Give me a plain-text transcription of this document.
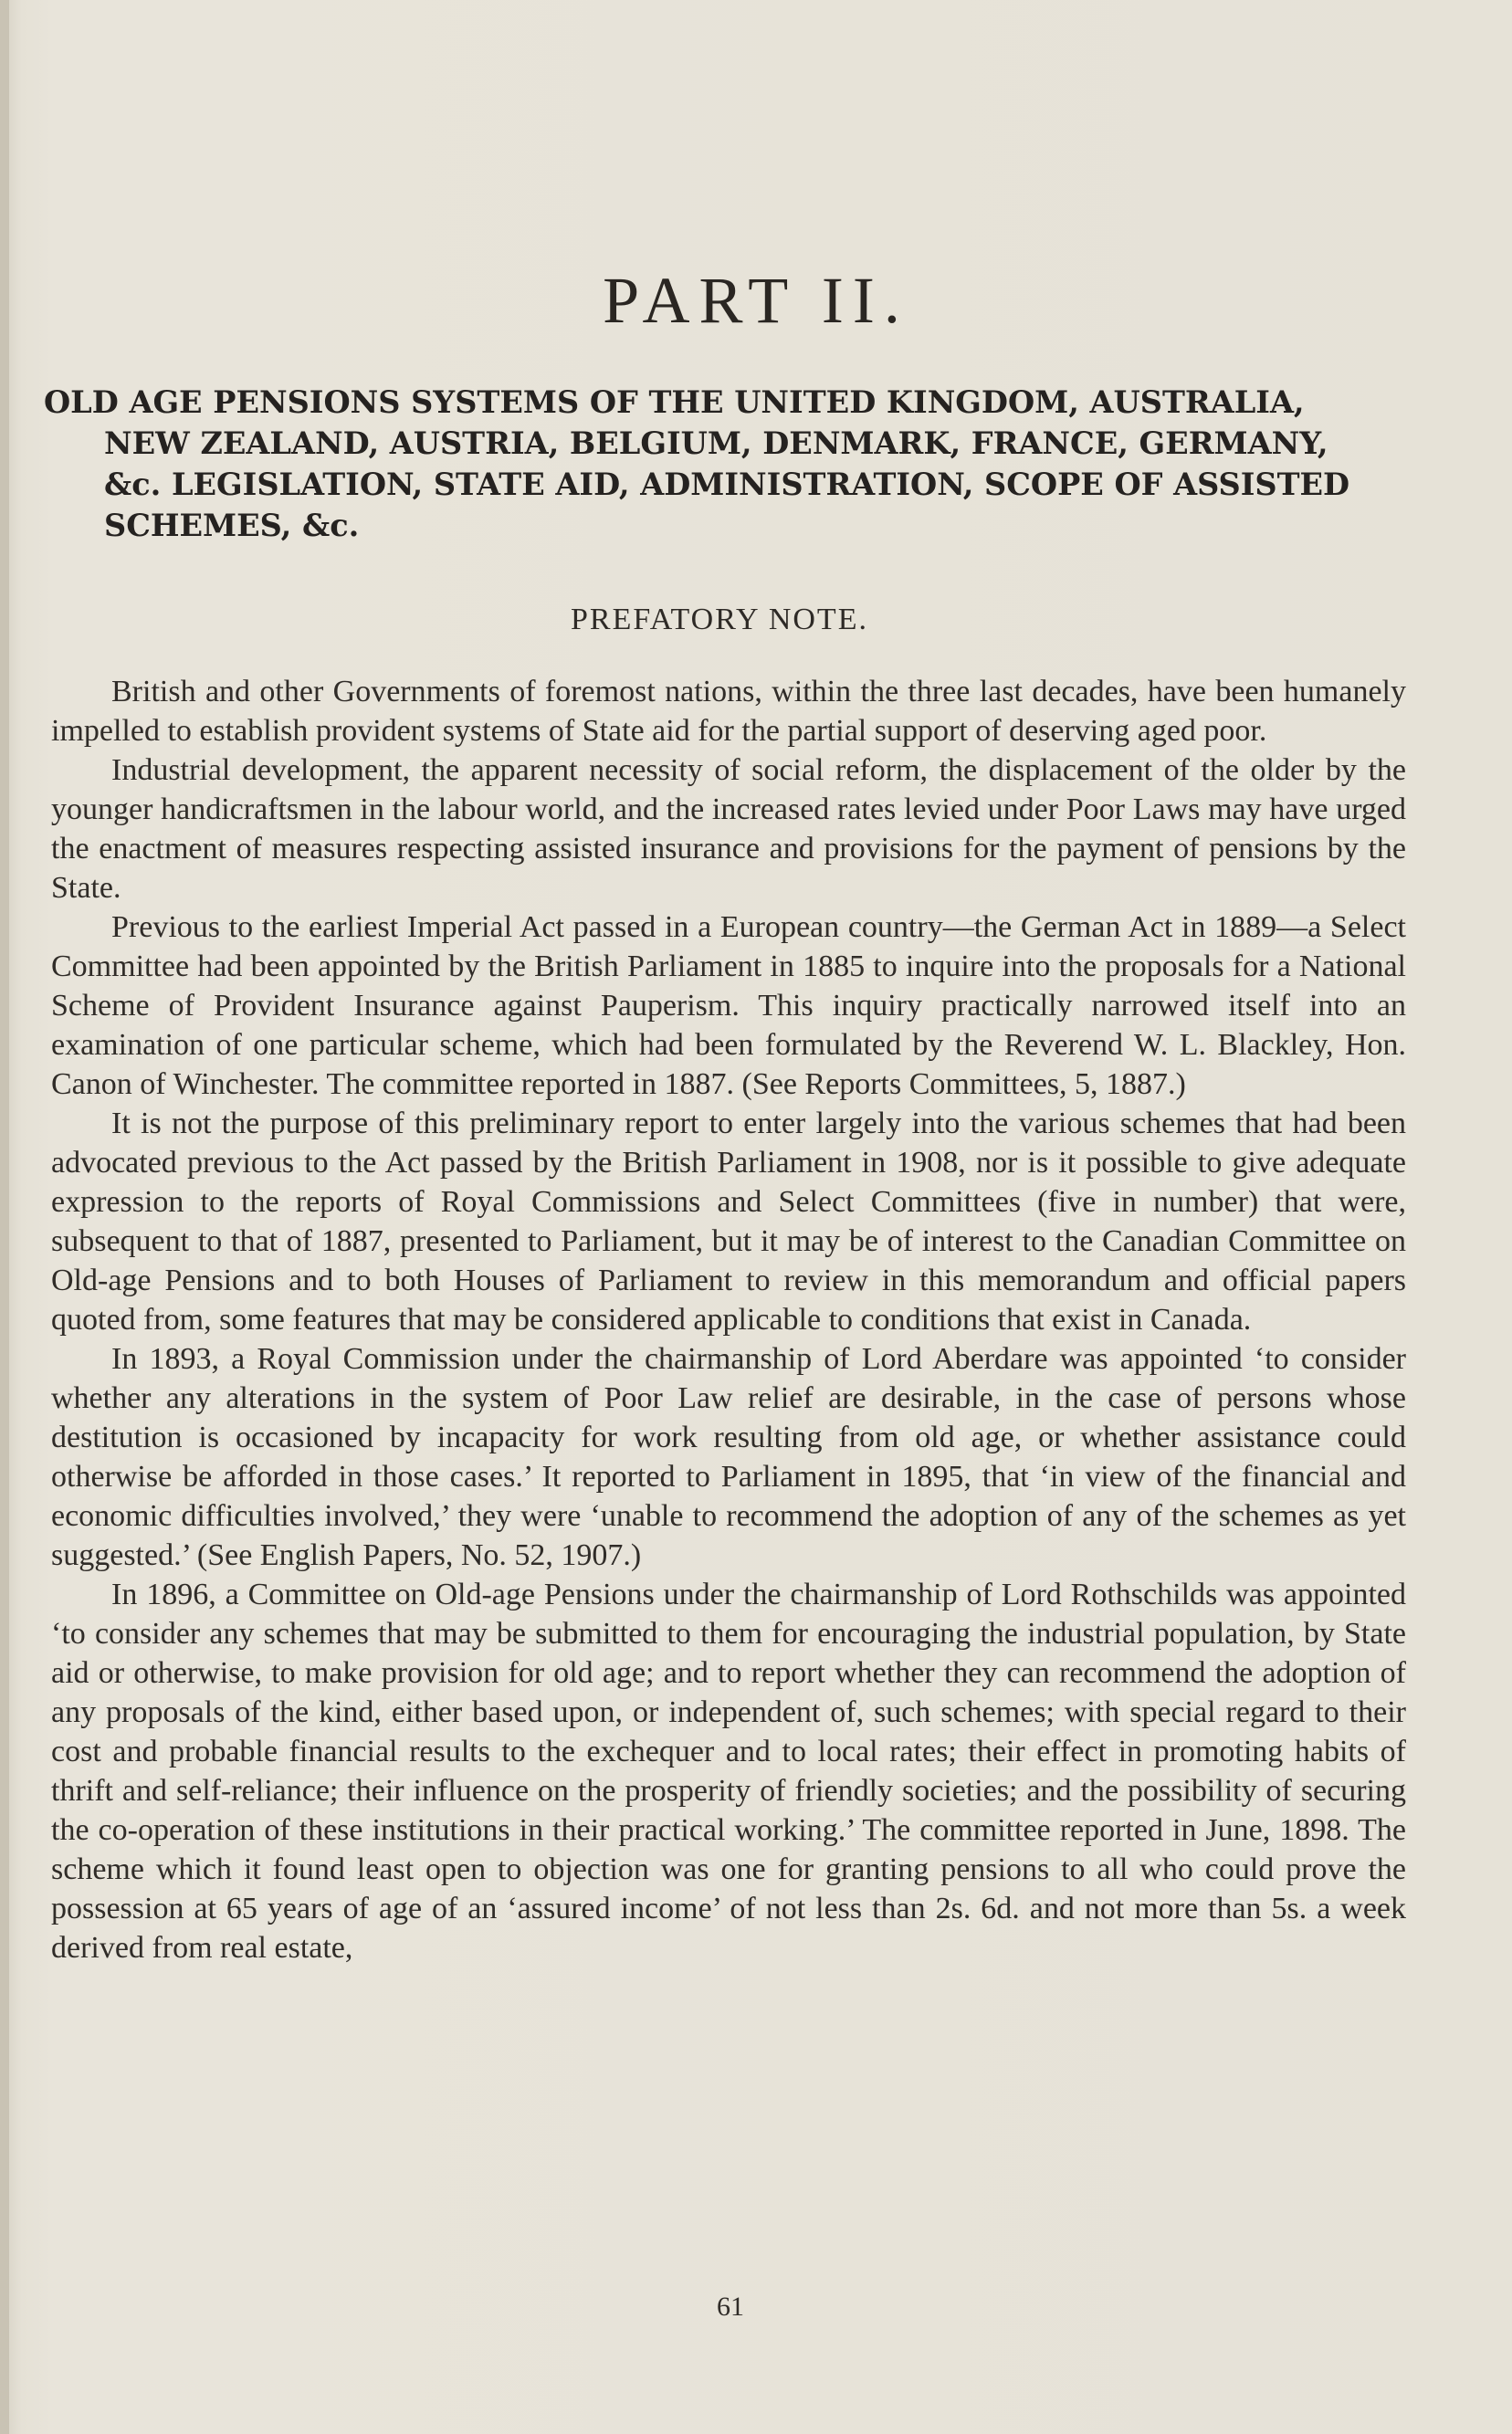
PART II.
OLD AGE PENSIONS SYSTEMS OF THE UNITED KINGDOM, AUSTRALIA,
NEW ZEALAND, AUSTRIA, BELGIUM, DENMARK, FRANCE, GERMANY,
&c. LEGISLATION, STATE AID, ADMINISTRATION, SCOPE OF ASSISTED
SCHEMES, &c.
PREFATORY NOTE.

British and other Governments of foremost nations, within the three last decades, have been humanely impelled to establish provident systems of State aid for the partial support of deserving aged poor.

Industrial development, the apparent necessity of social reform, the displacement of the older by the younger handicraftsmen in the labour world, and the increased rates levied under Poor Laws may have urged the enactment of measures respecting assisted insurance and provisions for the payment of pensions by the State.

Previous to the earliest Imperial Act passed in a European country—the German Act in 1889—a Select Committee had been appointed by the British Parliament in 1885 to inquire into the proposals for a National Scheme of Provident Insurance against Pauperism. This inquiry practically narrowed itself into an examination of one particular scheme, which had been formulated by the Reverend W. L. Blackley, Hon. Canon of Winchester. The committee reported in 1887. (See Reports Committees, 5, 1887.)

It is not the purpose of this preliminary report to enter largely into the various schemes that had been advocated previous to the Act passed by the British Parliament in 1908, nor is it possible to give adequate expression to the reports of Royal Commissions and Select Committees (five in number) that were, subsequent to that of 1887, presented to Parliament, but it may be of interest to the Canadian Committee on Old-age Pensions and to both Houses of Parliament to review in this memorandum and official papers quoted from, some features that may be considered applicable to conditions that exist in Canada.

In 1893, a Royal Commission under the chairmanship of Lord Aberdare was appointed ‘to consider whether any alterations in the system of Poor Law relief are desirable, in the case of persons whose destitution is occasioned by incapacity for work resulting from old age, or whether assistance could otherwise be afforded in those cases.’ It reported to Parliament in 1895, that ‘in view of the financial and economic difficulties involved,’ they were ‘unable to recommend the adoption of any of the schemes as yet suggested.’ (See English Papers, No. 52, 1907.)

In 1896, a Committee on Old-age Pensions under the chairmanship of Lord Rothschilds was appointed ‘to consider any schemes that may be submitted to them for encouraging the industrial population, by State aid or otherwise, to make provision for old age; and to report whether they can recommend the adoption of any proposals of the kind, either based upon, or independent of, such schemes; with special regard to their cost and probable financial results to the exchequer and to local rates; their effect in promoting habits of thrift and self-reliance; their influence on the prosperity of friendly societies; and the possibility of securing the co-operation of these institutions in their practical working.’ The committee reported in June, 1898. The scheme which it found least open to objection was one for granting pensions to all who could prove the possession at 65 years of age of an ‘assured income’ of not less than 2s. 6d. and not more than 5s. a week derived from real estate,

61
